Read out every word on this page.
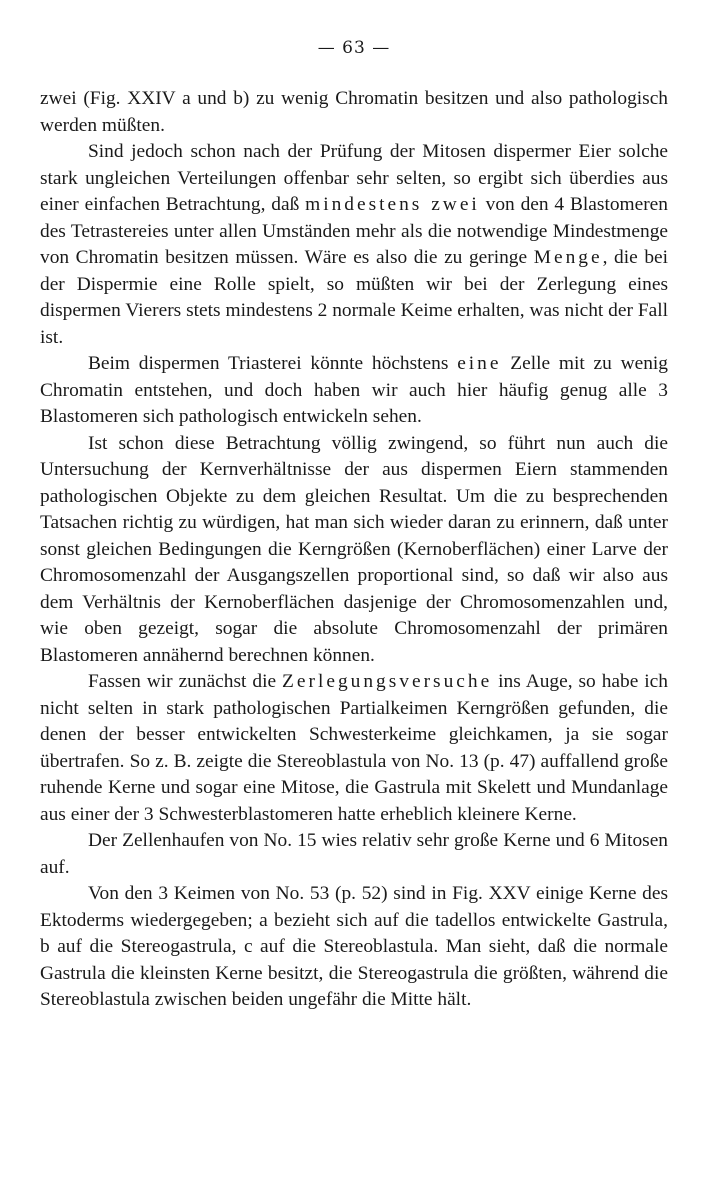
— 63 —

zwei (Fig. XXIV a und b) zu wenig Chromatin besitzen und also pathologisch werden müßten.

Sind jedoch schon nach der Prüfung der Mitosen dispermer Eier solche stark ungleichen Verteilungen offenbar sehr selten, so ergibt sich überdies aus einer einfachen Betrachtung, daß mindestens zwei von den 4 Blastomeren des Tetrastereies unter allen Umständen mehr als die notwendige Mindestmenge von Chromatin besitzen müssen. Wäre es also die zu geringe Menge, die bei der Dispermie eine Rolle spielt, so müßten wir bei der Zerlegung eines dispermen Vierers stets mindestens 2 normale Keime erhalten, was nicht der Fall ist.

Beim dispermen Triasterei könnte höchstens eine Zelle mit zu wenig Chromatin entstehen, und doch haben wir auch hier häufig genug alle 3 Blastomeren sich pathologisch entwickeln sehen.

Ist schon diese Betrachtung völlig zwingend, so führt nun auch die Untersuchung der Kernverhältnisse der aus dispermen Eiern stammenden pathologischen Objekte zu dem gleichen Resultat. Um die zu besprechenden Tatsachen richtig zu würdigen, hat man sich wieder daran zu erinnern, daß unter sonst gleichen Bedingungen die Kerngrößen (Kernoberflächen) einer Larve der Chromosomenzahl der Ausgangszellen proportional sind, so daß wir also aus dem Verhältnis der Kernoberflächen dasjenige der Chromosomenzahlen und, wie oben gezeigt, sogar die absolute Chromosomenzahl der primären Blastomeren annähernd berechnen können.

Fassen wir zunächst die Zerlegungsversuche ins Auge, so habe ich nicht selten in stark pathologischen Partialkeimen Kerngrößen gefunden, die denen der besser entwickelten Schwesterkeime gleichkamen, ja sie sogar übertrafen. So z. B. zeigte die Stereoblastula von No. 13 (p. 47) auffallend große ruhende Kerne und sogar eine Mitose, die Gastrula mit Skelett und Mundanlage aus einer der 3 Schwesterblastomeren hatte erheblich kleinere Kerne.

Der Zellenhaufen von No. 15 wies relativ sehr große Kerne und 6 Mitosen auf.

Von den 3 Keimen von No. 53 (p. 52) sind in Fig. XXV einige Kerne des Ektoderms wiedergegeben; a bezieht sich auf die tadellos entwickelte Gastrula, b auf die Stereogastrula, c auf die Stereoblastula. Man sieht, daß die normale Gastrula die kleinsten Kerne besitzt, die Stereogastrula die größten, während die Stereoblastula zwischen beiden ungefähr die Mitte hält.
